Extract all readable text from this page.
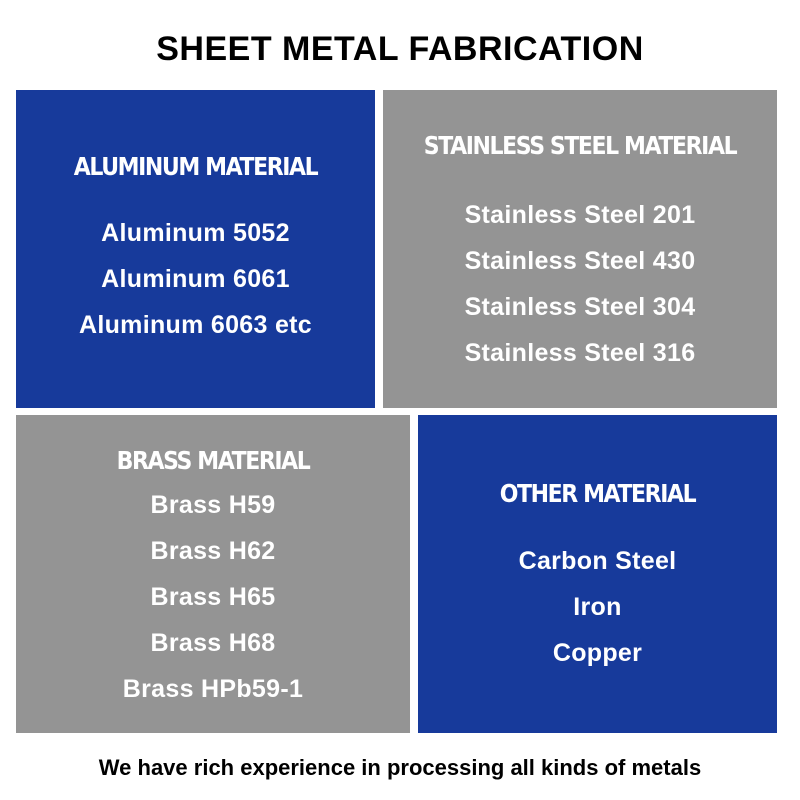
SHEET METAL FABRICATION
ALUMINUM MATERIAL
Aluminum 5052
Aluminum 6061
Aluminum 6063 etc
STAINLESS STEEL MATERIAL
Stainless Steel 201
Stainless Steel 430
Stainless Steel 304
Stainless Steel 316
BRASS MATERIAL
Brass H59
Brass H62
Brass H65
Brass H68
Brass HPb59-1
OTHER MATERIAL
Carbon Steel
Iron
Copper
We have rich experience in processing all kinds of metals
